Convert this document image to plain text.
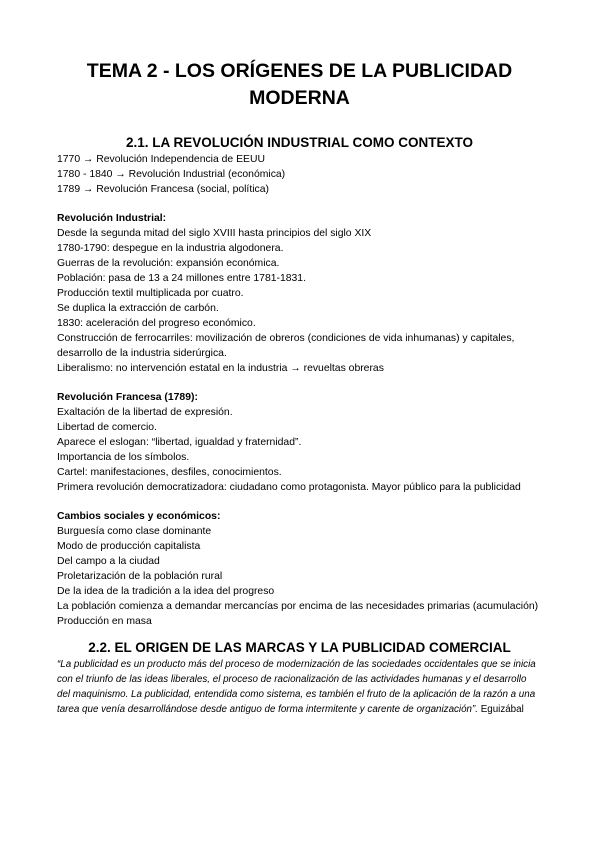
TEMA 2 - LOS ORÍGENES DE LA PUBLICIDAD MODERNA
2.1. LA REVOLUCIÓN INDUSTRIAL COMO CONTEXTO
1770 → Revolución Independencia de EEUU
1780 - 1840 → Revolución Industrial (económica)
1789 → Revolución Francesa (social, política)
Revolución Industrial:
Desde la segunda mitad del siglo XVIII hasta principios del siglo XIX
1780-1790: despegue en la industria algodonera.
Guerras de la revolución: expansión económica.
Población: pasa de 13 a 24 millones entre 1781-1831.
Producción textil multiplicada por cuatro.
Se duplica la extracción de carbón.
1830: aceleración del progreso económico.
Construcción de ferrocarriles: movilización de obreros (condiciones de vida inhumanas) y capitales, desarrollo de la industria siderúrgica.
Liberalismo: no intervención estatal en la industria → revueltas obreras
Revolución Francesa (1789):
Exaltación de la libertad de expresión.
Libertad de comercio.
Aparece el eslogan: “libertad, igualdad y fraternidad”.
Importancia de los símbolos.
Cartel: manifestaciones, desfiles, conocimientos.
Primera revolución democratizadora: ciudadano como protagonista. Mayor público para la publicidad
Cambios sociales y económicos:
Burguesía como clase dominante
Modo de producción capitalista
Del campo a la ciudad
Proletarización de la población rural
De la idea de la tradición a la idea del progreso
La población comienza a demandar mercancías por encima de las necesidades primarias (acumulación)
Producción en masa
2.2. EL ORIGEN DE LAS MARCAS Y LA PUBLICIDAD COMERCIAL

“La publicidad es un producto más del proceso de modernización de las sociedades occidentales que se inicia con el triunfo de las ideas liberales, el proceso de racionalización de las actividades humanas y el desarrollo del maquinismo. La publicidad, entendida como sistema, es también el fruto de la aplicación de la razón a una tarea que venía desarrollándose desde antiguo de forma intermitente y carente de organización”. Eguizábal
